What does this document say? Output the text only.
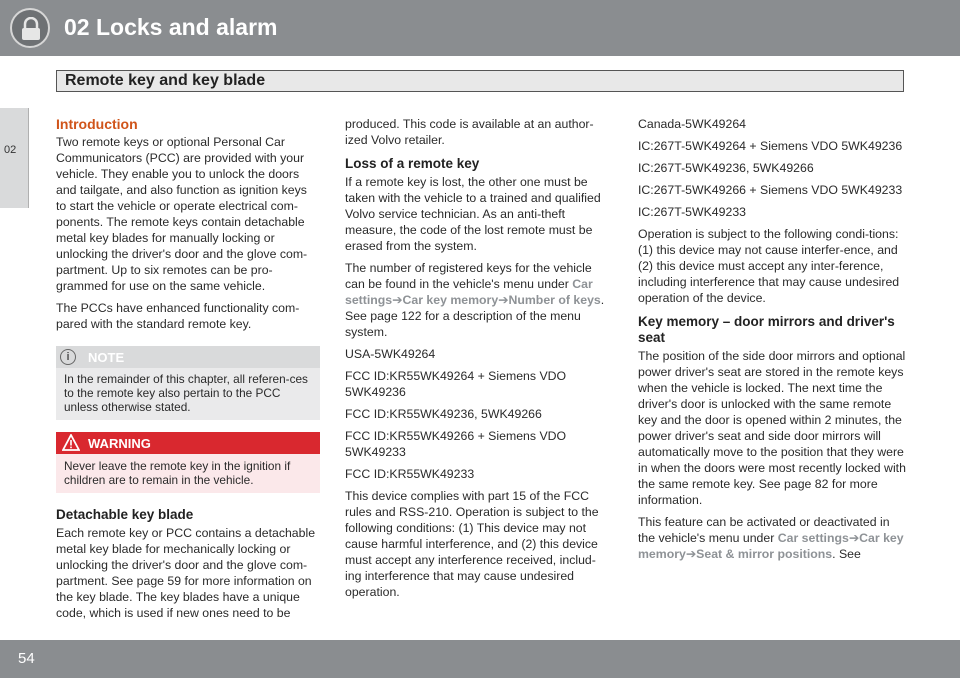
02 Locks and alarm
Remote key and key blade
02
Introduction

Two remote keys or optional Personal Car Communicators (PCC) are provided with your vehicle. They enable you to unlock the doors and tailgate, and also function as ignition keys to start the vehicle or operate electrical com-ponents. The remote keys contain detachable metal key blades for manually locking or unlocking the driver's door and the glove com-partment. Up to six remotes can be pro-grammed for use on the same vehicle.

The PCCs have enhanced functionality com-pared with the standard remote key.

i	NOTE
In the remainder of this chapter, all referen-ces to the remote key also pertain to the PCC unless otherwise stated.
WARNING
Never leave the remote key in the ignition if children are to remain in the vehicle.
Detachable key blade

Each remote key or PCC contains a detachable metal key blade for mechanically locking or unlocking the driver's door and the glove com-partment. See page 59 for more information on the key blade. The key blades have a unique code, which is used if new ones need to be

produced. This code is available at an author-ized Volvo retailer.

Loss of a remote key

If a remote key is lost, the other one must be taken with the vehicle to a trained and qualified Volvo service technician. As an anti-theft measure, the code of the lost remote must be erased from the system.

The number of registered keys for the vehicle can be found in the vehicle's menu under Car settings➔Car key memory➔Number of keys. See page 122 for a description of the menu system.

USA-5WK49264

FCC ID:KR55WK49264 + Siemens VDO 5WK49236

FCC ID:KR55WK49236, 5WK49266

FCC ID:KR55WK49266 + Siemens VDO 5WK49233

FCC ID:KR55WK49233

This device complies with part 15 of the FCC rules and RSS-210. Operation is subject to the following conditions: (1) This device may not cause harmful interference, and (2) this device must accept any interference received, includ-ing interference that may cause undesired operation.

Canada-5WK49264

IC:267T-5WK49264 + Siemens VDO 5WK49236

IC:267T-5WK49236, 5WK49266

IC:267T-5WK49266 + Siemens VDO 5WK49233

IC:267T-5WK49233

Operation is subject to the following condi-tions: (1) this device may not cause interfer-ence, and (2) this device must accept any inter-ference, including interference that may cause undesired operation of the device.

Key memory – door mirrors and driver's seat

The position of the side door mirrors and optional power driver's seat are stored in the remote keys when the vehicle is locked. The next time the driver's door is unlocked with the same remote key and the door is opened within 2 minutes, the power driver's seat and side door mirrors will automatically move to the position that they were in when the doors were most recently locked with the same remote key. See page 82 for more information.

This feature can be activated or deactivated in the vehicle's menu under Car settings➔Car key memory➔Seat & mirror positions. See

54
